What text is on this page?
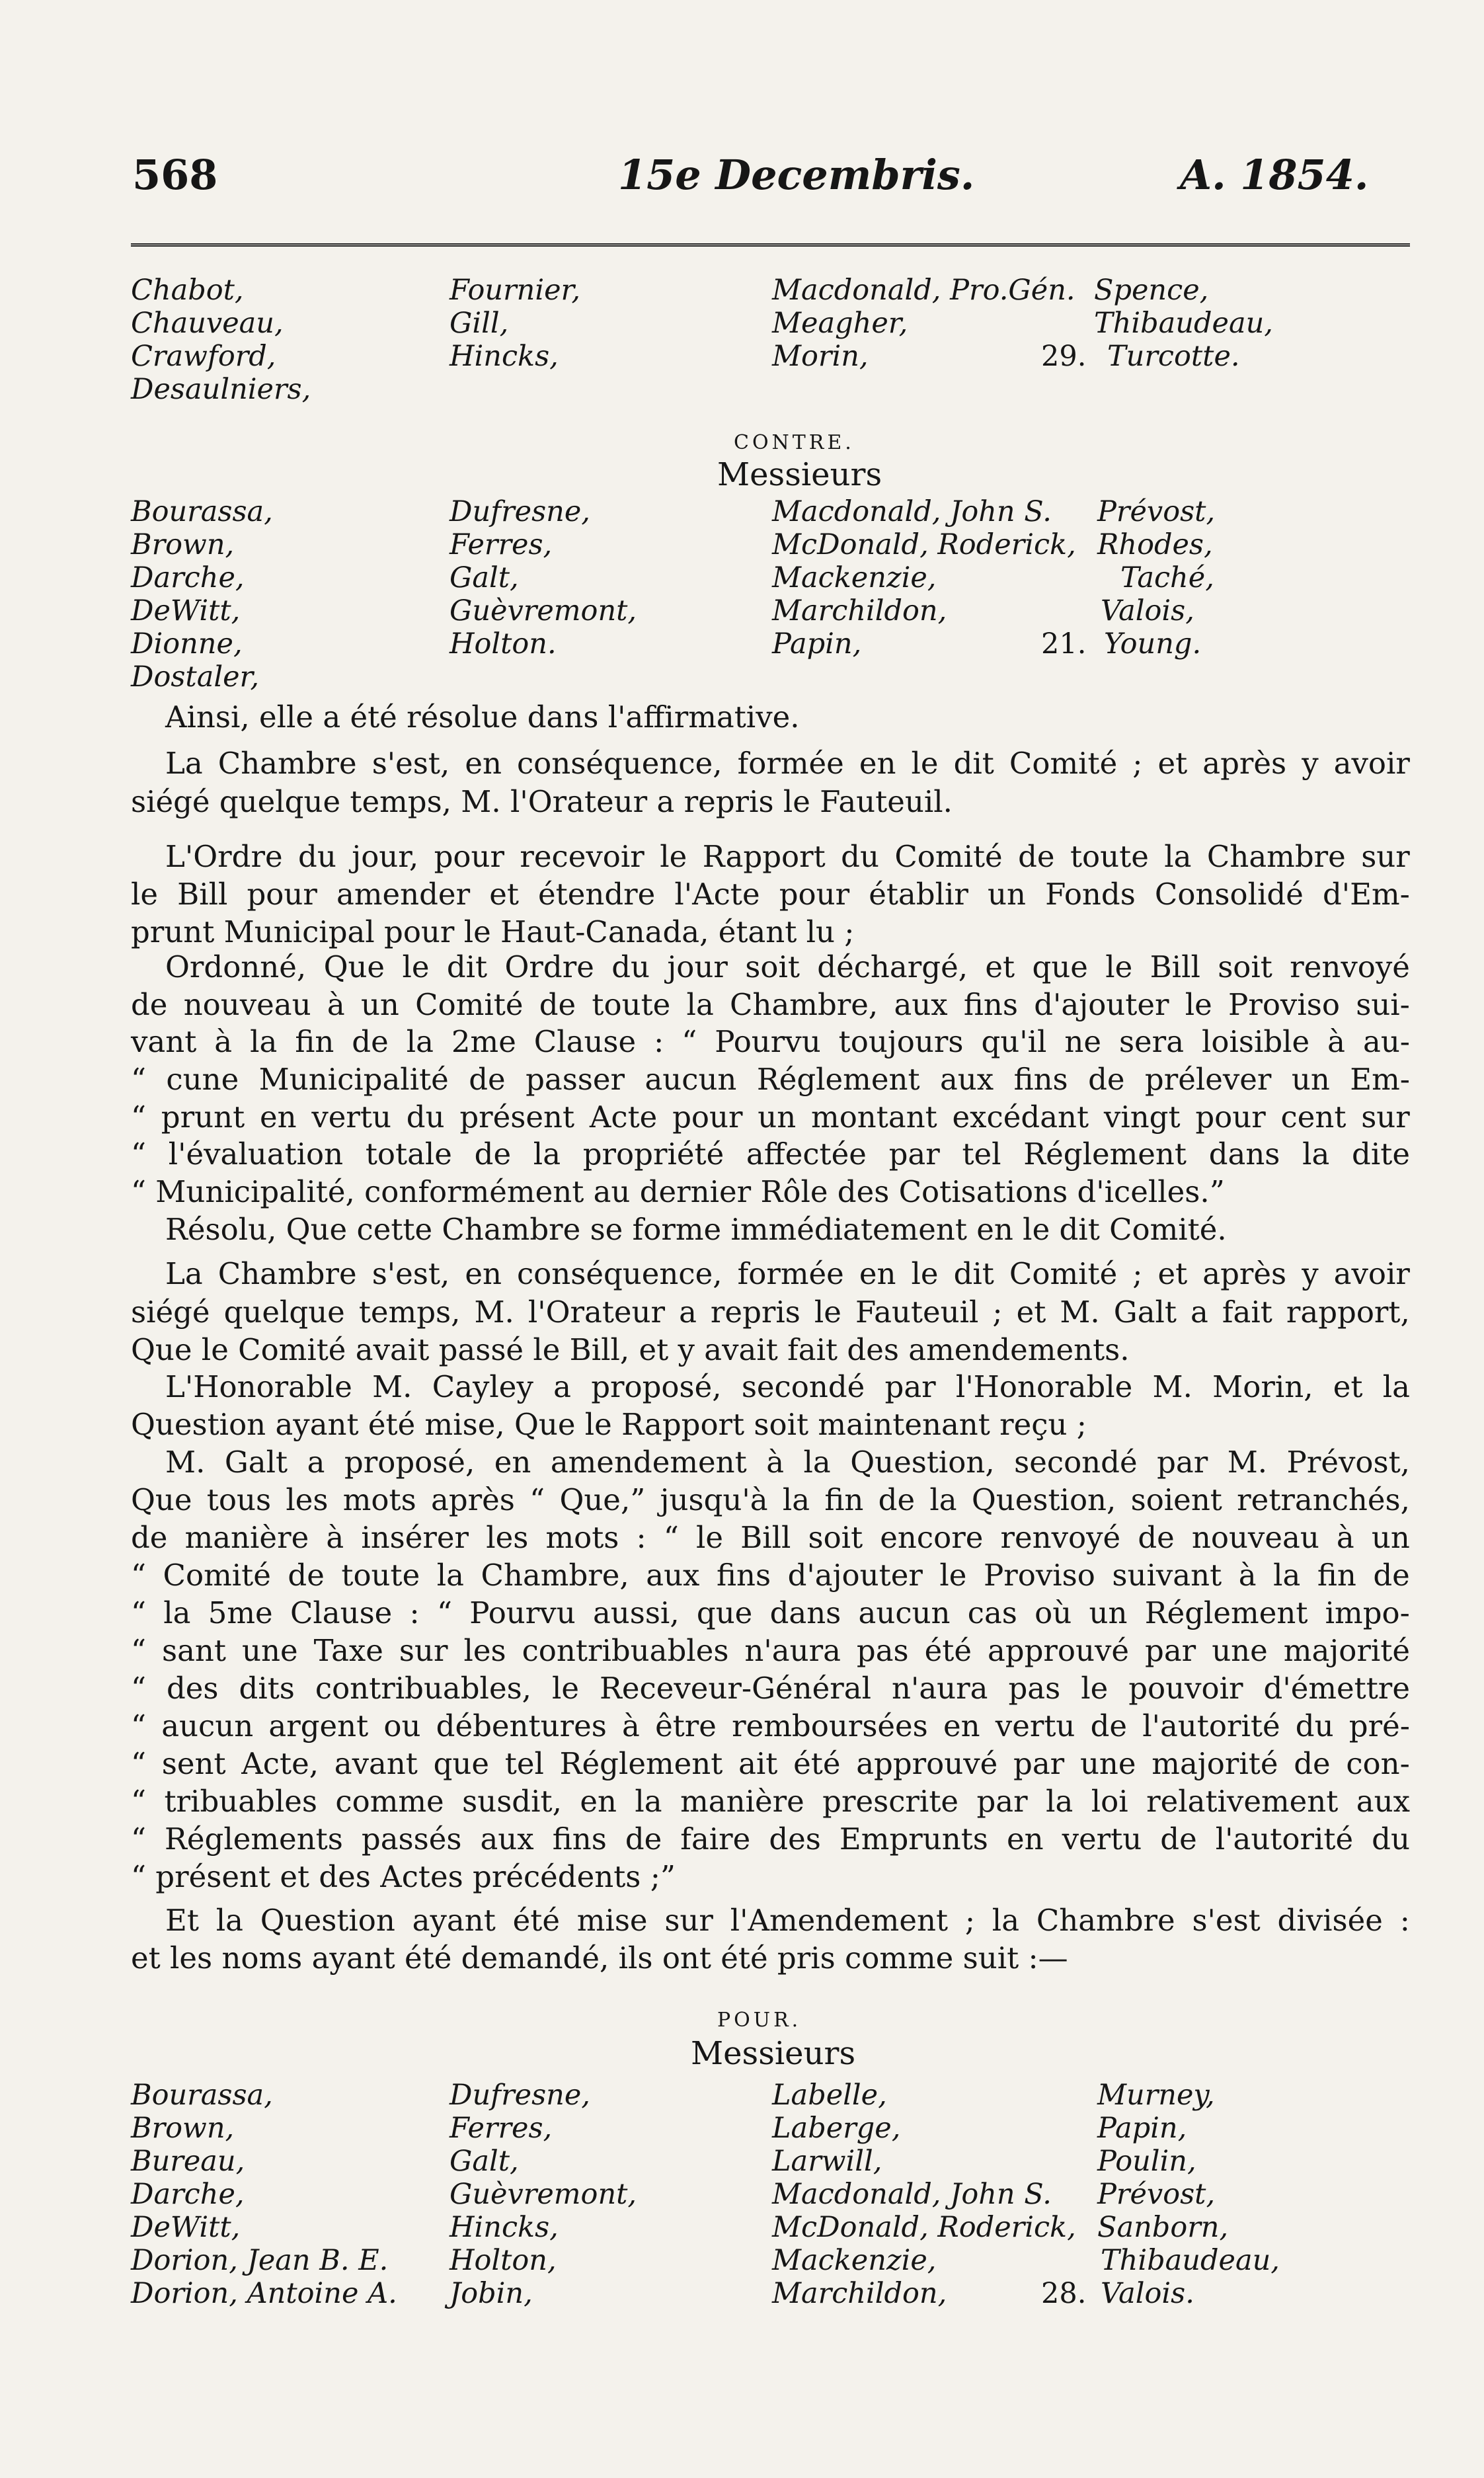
568	15e Decembris.	A. 1854.
Chabot,
Chauveau,
Crawford,
Desaulniers,
Fournier,
Gill,
Hincks,
Macdonald, Pro.Gén.
Meagher,
Morin,
Spence,
Thibaudeau,
29. Turcotte.
CONTRE.
Messieurs
Bourassa,
Brown,
Darche,
DeWitt,
Dionne,
Dostaler,
Dufresne,
Ferres,
Galt,
Guèvremont,
Holton.
Macdonald, John S.
McDonald, Roderick,
Mackenzie,
Marchildon,
Papin,
Prévost,
Rhodes,
Taché,
Valois,
21. Young.
Ainsi, elle a été résolue dans l'affirmative.
La Chambre s'est, en conséquence, formée en le dit Comité ; et après y avoir
siégé quelque temps, M. l'Orateur a repris le Fauteuil.
L'Ordre du jour, pour recevoir le Rapport du Comité de toute la Chambre sur
le Bill pour amender et étendre l'Acte pour établir un Fonds Consolidé d'Em-
prunt Municipal pour le Haut-Canada, étant lu ;
Ordonné, Que le dit Ordre du jour soit déchargé, et que le Bill soit renvoyé
de nouveau à un Comité de toute la Chambre, aux fins d'ajouter le Proviso sui-
vant à la fin de la 2me Clause : “ Pourvu toujours qu'il ne sera loisible à au-
“ cune Municipalité de passer aucun Réglement aux fins de prélever un Em-
“ prunt en vertu du présent Acte pour un montant excédant vingt pour cent sur
“ l'évaluation totale de la propriété affectée par tel Réglement dans la dite
“ Municipalité, conformément au dernier Rôle des Cotisations d'icelles.”
Résolu, Que cette Chambre se forme immédiatement en le dit Comité.
La Chambre s'est, en conséquence, formée en le dit Comité ; et après y avoir
siégé quelque temps, M. l'Orateur a repris le Fauteuil ; et M. Galt a fait rapport,
Que le Comité avait passé le Bill, et y avait fait des amendements.
L'Honorable M. Cayley a proposé, secondé par l'Honorable M. Morin, et la
Question ayant été mise, Que le Rapport soit maintenant reçu ;
M. Galt a proposé, en amendement à la Question, secondé par M. Prévost,
Que tous les mots après “ Que,” jusqu'à la fin de la Question, soient retranchés,
de manière à insérer les mots : “ le Bill soit encore renvoyé de nouveau à un
“ Comité de toute la Chambre, aux fins d'ajouter le Proviso suivant à la fin de
“ la 5me Clause : “ Pourvu aussi, que dans aucun cas où un Réglement impo-
“ sant une Taxe sur les contribuables n'aura pas été approuvé par une majorité
“ des dits contribuables, le Receveur-Général n'aura pas le pouvoir d'émettre
“ aucun argent ou débentures à être remboursées en vertu de l'autorité du pré-
“ sent Acte, avant que tel Réglement ait été approuvé par une majorité de con-
“ tribuables comme susdit, en la manière prescrite par la loi relativement aux
“ Réglements passés aux fins de faire des Emprunts en vertu de l'autorité du
“ présent et des Actes précédents ;”
Et la Question ayant été mise sur l'Amendement ; la Chambre s'est divisée :
et les noms ayant été demandé, ils ont été pris comme suit :—
POUR.
Messieurs
Bourassa,
Brown,
Bureau,
Darche,
DeWitt,
Dorion, Jean B. E.
Dorion, Antoine A.
Dufresne,
Ferres,
Galt,
Guèvremont,
Hincks,
Holton,
Jobin,
Labelle,
Laberge,
Larwill,
Macdonald, John S.
McDonald, Roderick,
Mackenzie,
Marchildon,
Murney,
Papin,
Poulin,
Prévost,
Sanborn,
Thibaudeau,
28. Valois.
